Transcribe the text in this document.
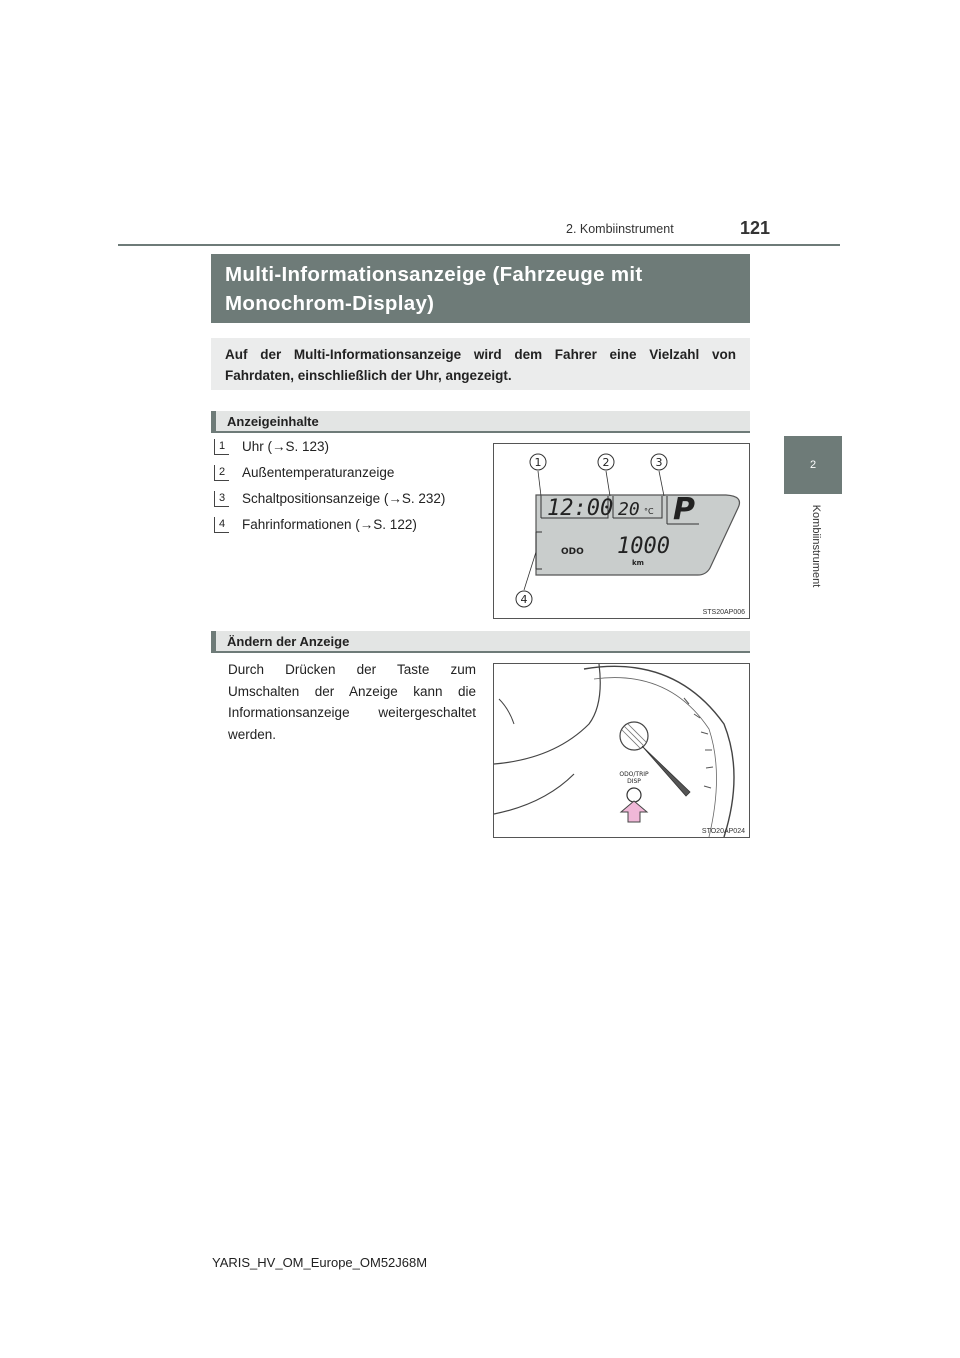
121
2. Kombiinstrument
2
Kombiinstrument
Multi-Informationsanzeige (Fahrzeuge mit Monochrom-Display)
Auf der Multi-Informationsanzeige wird dem Fahrer eine Vielzahl von Fahrdaten, einschließlich der Uhr, angezeigt.
Anzeigeinhalte
1 Uhr (→S. 123)
2 Außentemperaturanzeige
3 Schaltpositionsanzeige (→S. 232)
4 Fahrinformationen (→S. 122)
12:00 20 °C P
ODO 1000
km
1	2	3
4
STS20AP006
Ändern der Anzeige
Durch Drücken der Taste zum Umschalten der Anzeige kann die Informationsanzeige weitergeschaltet werden.
ODO/TRIP
DISP
STO20AP024
YARIS_HV_OM_Europe_OM52J68M
